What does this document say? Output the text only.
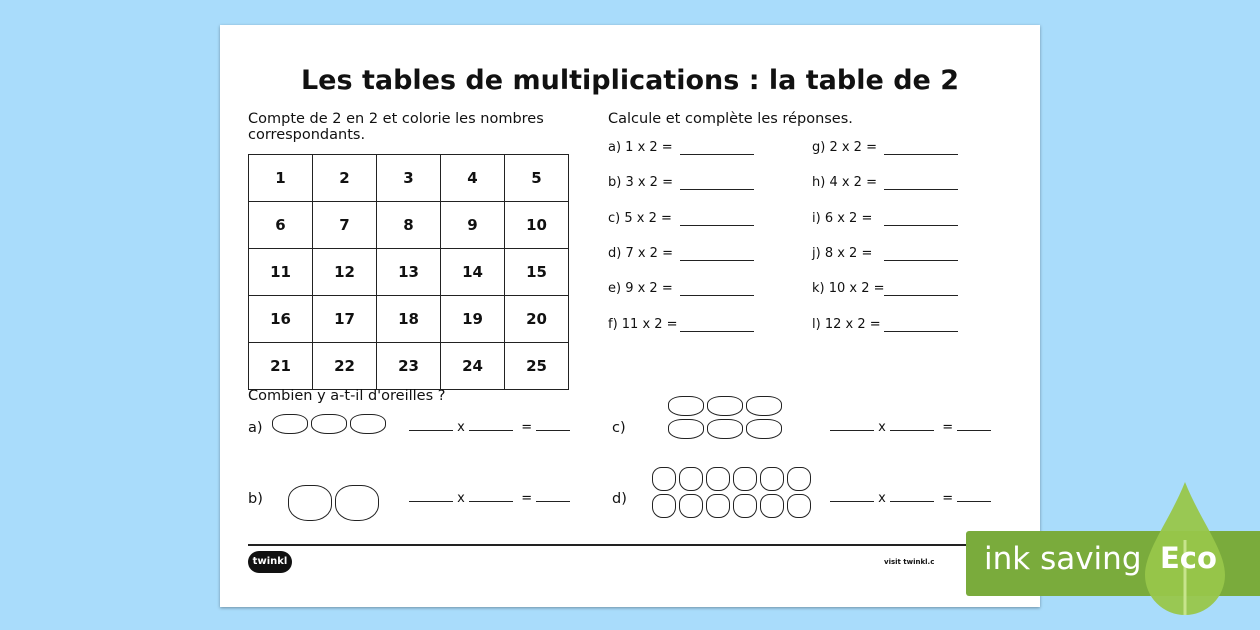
Les tables de multiplications : la table de 2
Compte de 2 en 2 et colorie les nombres
correspondants.
1	2	3	4	5
6	7	8	9	10
11	12	13	14	15
16	17	18	19	20
21	22	23	24	25
Calcule et complète les réponses.
a) 1 x 2 =
b) 3 x 2 =
c) 5 x 2 =
d) 7 x 2 =
e) 9 x 2 =
f) 11 x 2 =
g) 2 x 2 =
h) 4 x 2 =
i) 6 x 2 =
j) 8 x 2 =
k) 10 x 2 =
l) 12 x 2 =
Combien y a-t-il d'oreilles ?
a)	x	=
b)	x	=
c)	x	=
d)	x	=
twinkl	visit twinkl.c ink saving Eco
